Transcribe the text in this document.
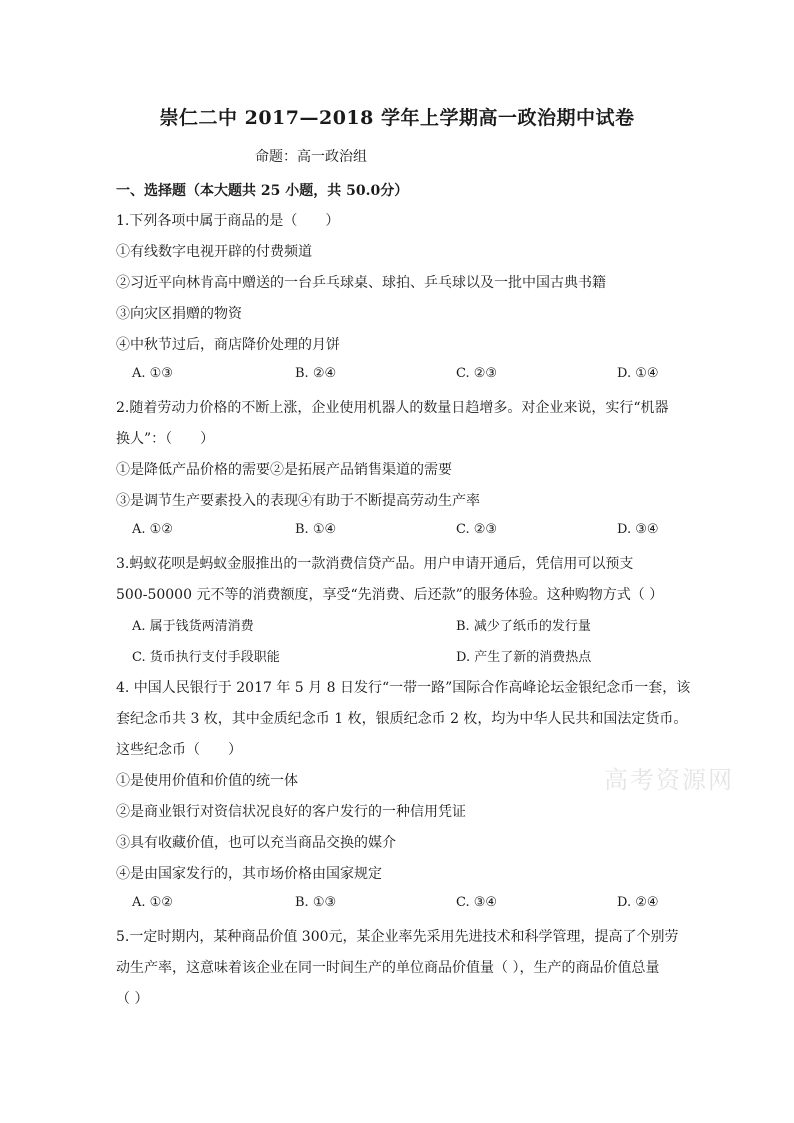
崇仁二中 2017—2018 学年上学期高一政治期中试卷
命题：高一政治组
一、选择题（本大题共 25 小题，共 50.0分）
1.下列各项中属于商品的是（　　）
①有线数字电视开辟的付费频道
②习近平向林肯高中赠送的一台乒乓球桌、球拍、乒乓球以及一批中国古典书籍
③向灾区捐赠的物资
④中秋节过后，商店降价处理的月饼
A. ①③	B. ②④	C. ②③	D. ①④
2.随着劳动力价格的不断上涨，企业使用机器人的数量日趋增多。对企业来说，实行“机器
换人”：（　　）
①是降低产品价格的需要②是拓展产品销售渠道的需要
③是调节生产要素投入的表现④有助于不断提高劳动生产率
A. ①②	B. ①④	C. ②③	D. ③④
3.蚂蚁花呗是蚂蚁金服推出的一款消费信贷产品。用户申请开通后，凭信用可以预支
500-50000 元不等的消费额度，享受“先消费、后还款”的服务体验。这种购物方式（ ）
A. 属于钱货两清消费	B. 减少了纸币的发行量
C. 货币执行支付手段职能	D. 产生了新的消费热点
4. 中国人民银行于 2017 年 5 月 8 日发行“一带一路”国际合作高峰论坛金银纪念币一套，该
套纪念币共 3 枚，其中金质纪念币 1 枚，银质纪念币 2 枚，均为中华人民共和国法定货币。
这些纪念币（　　）
①是使用价值和价值的统一体
②是商业银行对资信状况良好的客户发行的一种信用凭证
③具有收藏价值，也可以充当商品交换的媒介
④是由国家发行的，其市场价格由国家规定
A. ①②	B. ①③	C. ③④	D. ②④
5.一定时期内，某种商品价值 300元，某企业率先采用先进技术和科学管理，提高了个别劳
动生产率，这意味着该企业在同一时间生产的单位商品价值量（ ），生产的商品价值总量
（ ）
高考资源网
